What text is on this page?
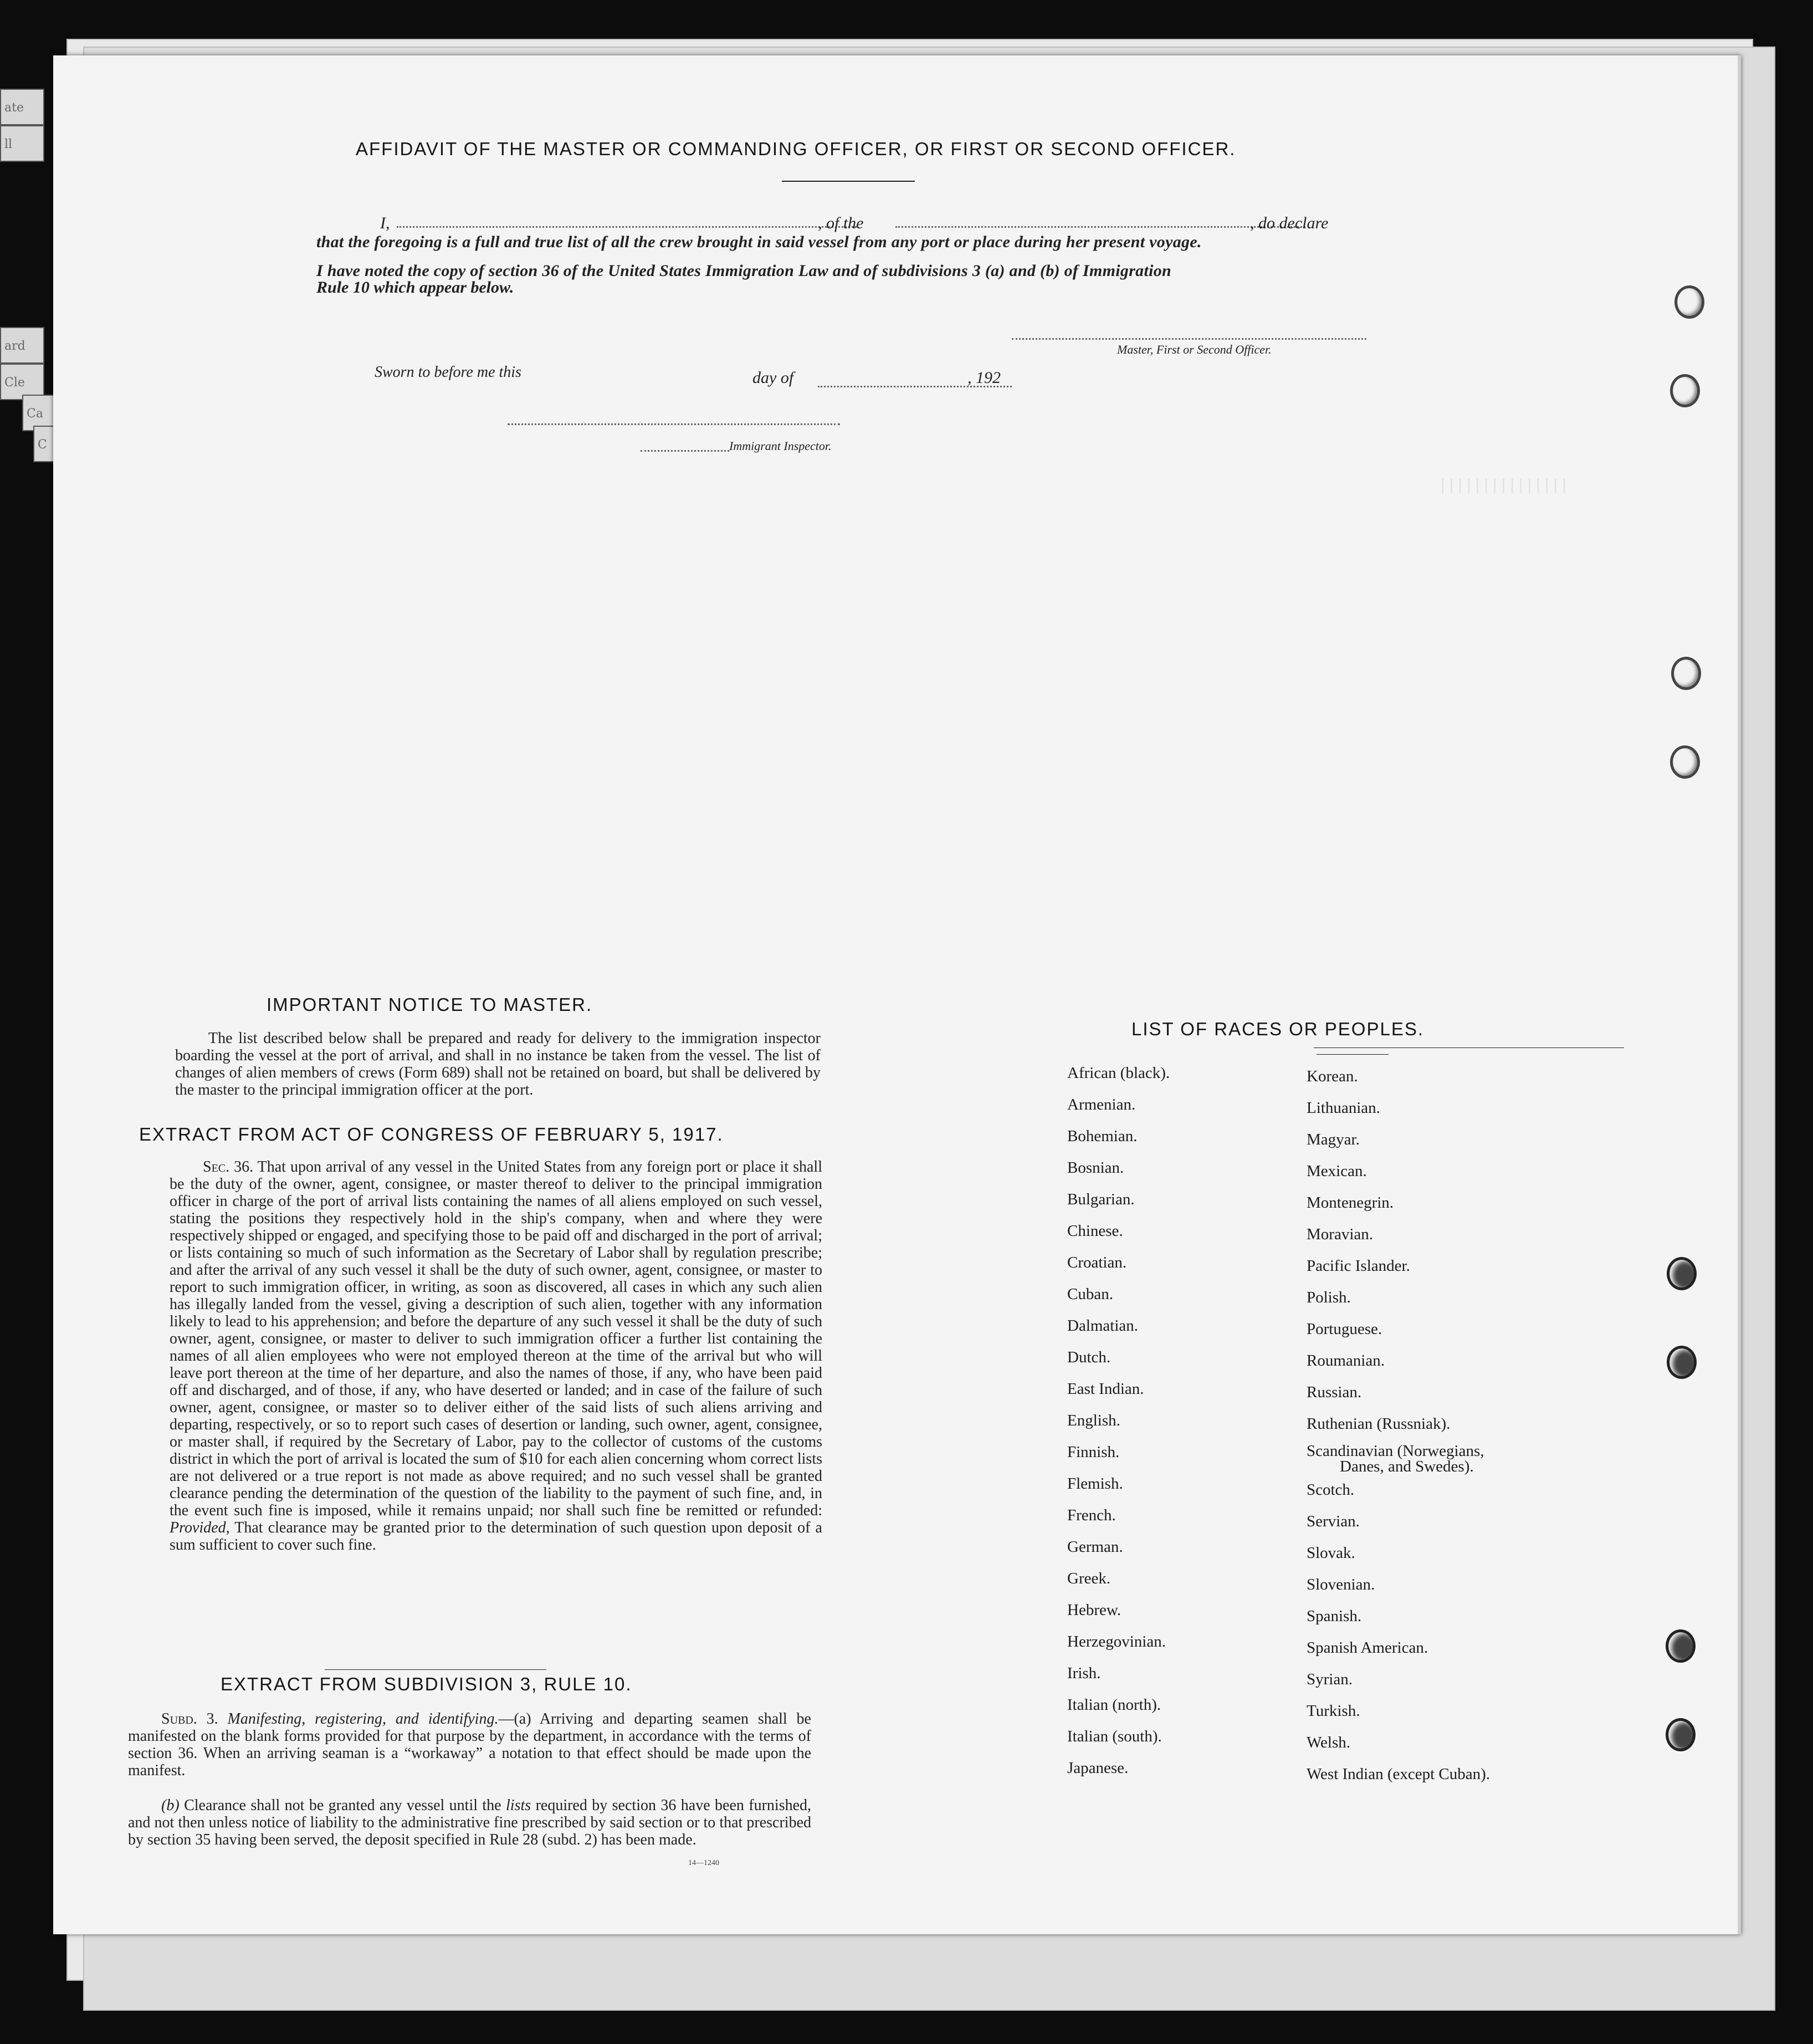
ate
ll
ard
Cle
Ca
C
|||||||||||||||
AFFIDAVIT OF THE MASTER OR COMMANDING OFFICER, OR FIRST OR SECOND OFFICER.
I,	, of the	, do declare
that the foregoing is a full and true list of all the crew brought in said vessel from any port or place during her present voyage.
I have noted the copy of section 36 of the United States Immigration Law and of subdivisions 3 (a) and (b) of Immigration
Rule 10 which appear below.
Master, First or Second Officer.
Sworn to before me this	day of	, 192
Immigrant Inspector.
IMPORTANT NOTICE TO MASTER.
The list described below shall be prepared and ready for delivery to the immigration inspector boarding the vessel at the port of arrival, and shall in no instance be taken from the vessel. The list of changes of alien members of crews (Form 689) shall not be retained on board, but shall be delivered by the master to the principal immigration officer at the port.
EXTRACT FROM ACT OF CONGRESS OF FEBRUARY 5, 1917.
Sec. 36. That upon arrival of any vessel in the United States from any foreign port or place it shall be the duty of the owner, agent, consignee, or master thereof to deliver to the principal immigration officer in charge of the port of arrival lists containing the names of all aliens employed on such vessel, stating the positions they respectively hold in the ship's company, when and where they were respectively shipped or engaged, and specifying those to be paid off and discharged in the port of arrival; or lists containing so much of such information as the Secretary of Labor shall by regulation prescribe; and after the arrival of any such vessel it shall be the duty of such owner, agent, consignee, or master to report to such immigration officer, in writing, as soon as discovered, all cases in which any such alien has illegally landed from the vessel, giving a description of such alien, together with any information likely to lead to his apprehension; and before the departure of any such vessel it shall be the duty of such owner, agent, consignee, or master to deliver to such immigration officer a further list containing the names of all alien employees who were not employed thereon at the time of the arrival but who will leave port thereon at the time of her departure, and also the names of those, if any, who have been paid off and discharged, and of those, if any, who have deserted or landed; and in case of the failure of such owner, agent, consignee, or master so to deliver either of the said lists of such aliens arriving and departing, respectively, or so to report such cases of desertion or landing, such owner, agent, consignee, or master shall, if required by the Secretary of Labor, pay to the collector of customs of the customs district in which the port of arrival is located the sum of $10 for each alien concerning whom correct lists are not delivered or a true report is not made as above required; and no such vessel shall be granted clearance pending the determination of the question of the liability to the payment of such fine, and, in the event such fine is imposed, while it remains unpaid; nor shall such fine be remitted or refunded: Provided, That clearance may be granted prior to the determination of such question upon deposit of a sum sufficient to cover such fine.
EXTRACT FROM SUBDIVISION 3, RULE 10.
Subd. 3. Manifesting, registering, and identifying.—(a) Arriving and departing seamen shall be manifested on the blank forms provided for that purpose by the department, in accordance with the terms of section 36. When an arriving seaman is a “workaway” a notation to that effect should be made upon the manifest.
(b) Clearance shall not be granted any vessel until the lists required by section 36 have been furnished, and not then unless notice of liability to the administrative fine prescribed by said section or to that prescribed by section 35 having been served, the deposit specified in Rule 28 (subd. 2) has been made.
14—1240
LIST OF RACES OR PEOPLES.
African (black).
Armenian.
Bohemian.
Bosnian.
Bulgarian.
Chinese.
Croatian.
Cuban.
Dalmatian.
Dutch.
East Indian.
English.
Finnish.
Flemish.
French.
German.
Greek.
Hebrew.
Herzegovinian.
Irish.
Italian (north).
Italian (south).
Japanese.
Korean.
Lithuanian.
Magyar.
Mexican.
Montenegrin.
Moravian.
Pacific Islander.
Polish.
Portuguese.
Roumanian.
Russian.
Ruthenian (Russniak).
Scandinavian (Norwegians,
Danes, and Swedes).
Scotch.
Servian.
Slovak.
Slovenian.
Spanish.
Spanish American.
Syrian.
Turkish.
Welsh.
West Indian (except Cuban).
